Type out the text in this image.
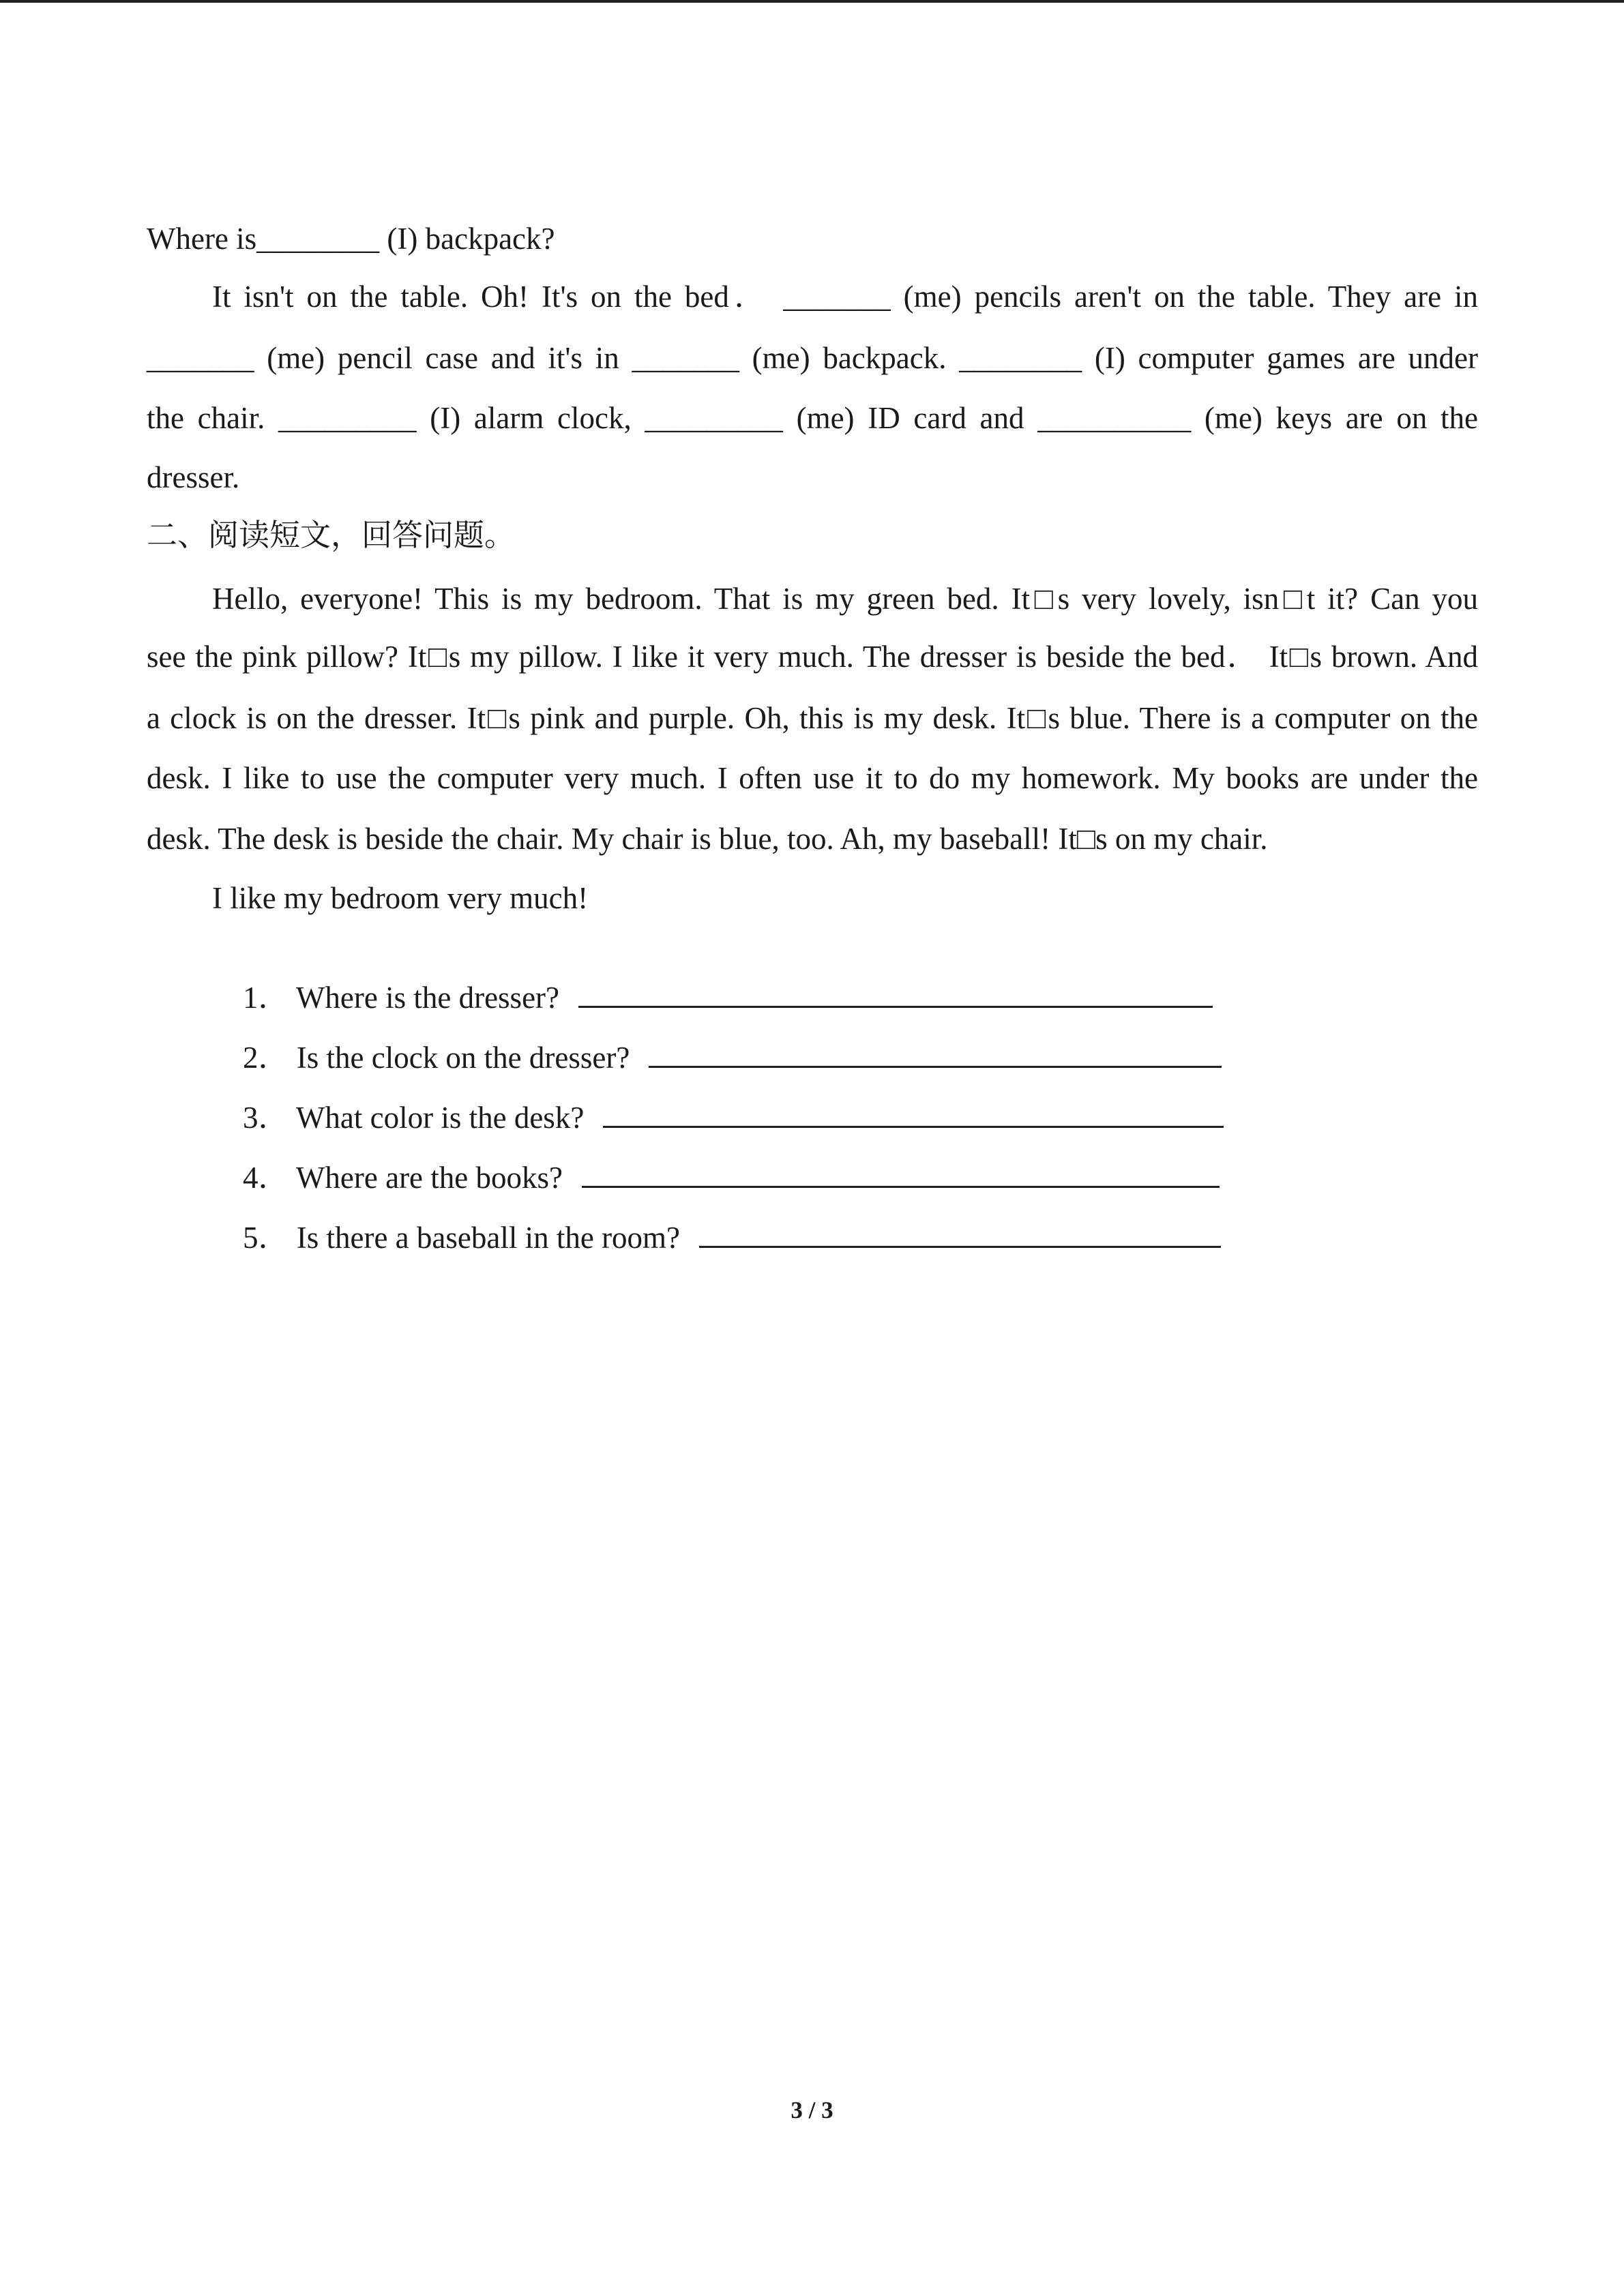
Where is________ (I) backpack?

It isn't on the table. Oh! It's on the bed． _______ (me) pencils aren't on the table. They are in

_______ (me) pencil case and it's in _______ (me) backpack. ________ (I) computer games are under

the chair. _________ (I) alarm clock, _________ (me) ID card and __________ (me) keys are on the

dresser.

二、阅读短文，回答问题。

Hello, everyone! This is my bedroom. That is my green bed. It□s very lovely, isn□t it? Can you

see the pink pillow? It□s my pillow. I like it very much. The dresser is beside the bed． It□s brown. And

a clock is on the dresser. It□s pink and purple. Oh, this is my desk. It□s blue. There is a computer on the

desk. I like to use the computer very much. I often use it to do my homework. My books are under the

desk. The desk is beside the chair. My chair is blue, too. Ah, my baseball! It□s on my chair.

I like my bedroom very much!

1． Where is the dresser?

2． Is the clock on the dresser?

3． What color is the desk?

4． Where are the books?

5． Is there a baseball in the room?

3 / 3
